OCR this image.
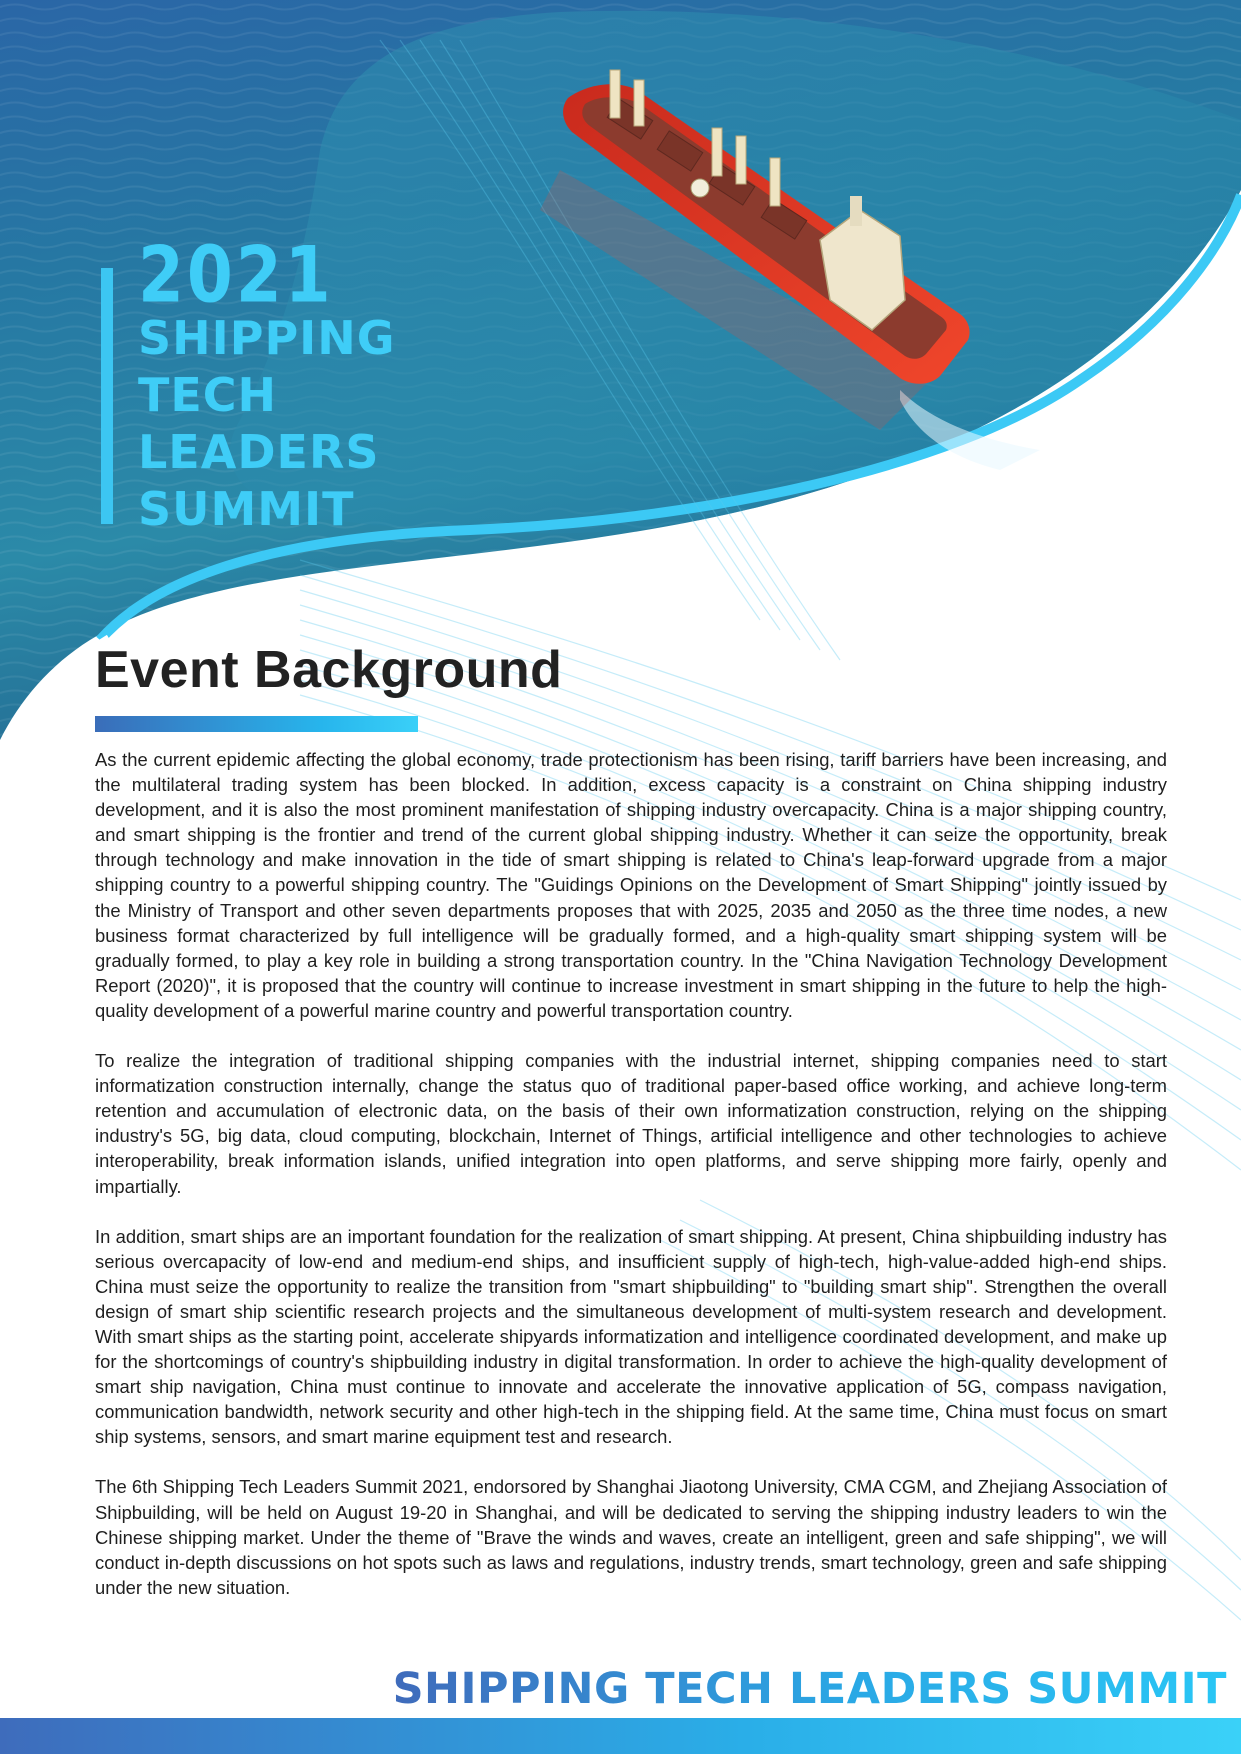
2021
SHIPPING
TECH
LEADERS
SUMMIT
Event Background

As the current epidemic affecting the global economy, trade protectionism has been rising, tariff barriers have been increasing, and the multilateral trading system has been blocked. In addition, excess capacity is a constraint on China shipping industry development, and it is also the most prominent manifestation of shipping industry overcapacity. China is a major shipping country, and smart shipping is the frontier and trend of the current global shipping industry. Whether it can seize the opportunity, break through technology and make innovation in the tide of smart shipping is related to China's leap-forward upgrade from a major shipping country to a powerful shipping country. The "Guidings Opinions on the Development of Smart Shipping" jointly issued by the Ministry of Transport and other seven departments proposes that with 2025, 2035 and 2050 as the three time nodes, a new business format characterized by full intelligence will be gradually formed, and a high-quality smart shipping system will be gradually formed, to play a key role in building a strong transportation country. In the "China Navigation Technology Development Report (2020)", it is proposed that the country will continue to increase investment in smart shipping in the future to help the high-quality development of a powerful marine country and powerful transportation country.

To realize the integration of traditional shipping companies with the industrial internet, shipping companies need to start informatization construction internally, change the status quo of traditional paper-based office working, and achieve long-term retention and accumulation of electronic data, on the basis of their own informatization construction, relying on the shipping industry's 5G, big data, cloud computing, blockchain, Internet of Things, artificial intelligence and other technologies to achieve interoperability, break information islands, unified integration into open platforms, and serve shipping more fairly, openly and impartially.

In addition, smart ships are an important foundation for the realization of smart shipping. At present, China shipbuilding industry has serious overcapacity of low-end and medium-end ships, and insufficient supply of high-tech, high-value-added high-end ships. China must seize the opportunity to realize the transition from "smart shipbuilding" to "building smart ship". Strengthen the overall design of smart ship scientific research projects and the simultaneous development of multi-system research and development. With smart ships as the starting point, accelerate shipyards informatization and intelligence coordinated development, and make up for the shortcomings of country's shipbuilding industry in digital transformation. In order to achieve the high-quality development of smart ship navigation, China must continue to innovate and accelerate the innovative application of 5G, compass navigation, communication bandwidth, network security and other high-tech in the shipping field. At the same time, China must focus on smart ship systems, sensors, and smart marine equipment test and research.

The 6th Shipping Tech Leaders Summit 2021, endorsored by Shanghai Jiaotong University, CMA CGM, and Zhejiang Association of Shipbuilding, will be held on August 19-20 in Shanghai, and will be dedicated to serving the shipping industry leaders to win the Chinese shipping market. Under the theme of "Brave the winds and waves, create an intelligent, green and safe shipping", we will conduct in-depth discussions on hot spots such as laws and regulations, industry trends, smart technology, green and safe shipping under the new situation.

SHIPPING TECH LEADERS SUMMIT
